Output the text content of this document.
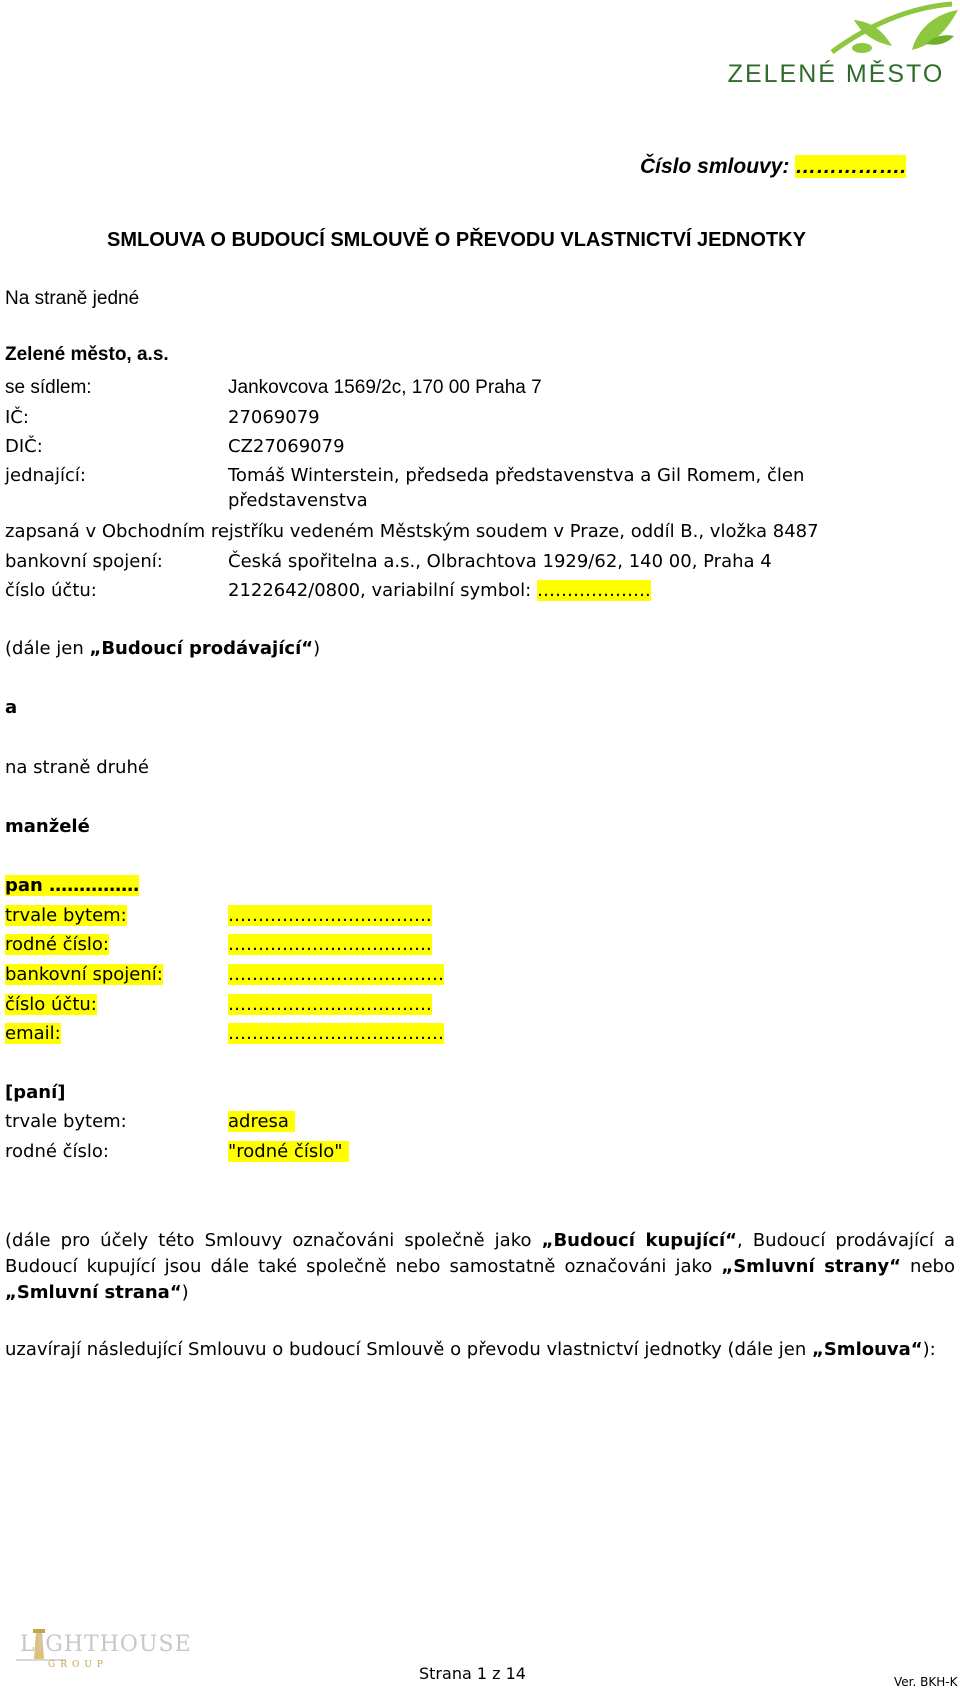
ZELENÉ MĚSTO
Číslo smlouvy: …………….
SMLOUVA O BUDOUCÍ SMLOUVĚ O PŘEVODU VLASTNICTVÍ JEDNOTKY
Na straně jedné
Zelené město, a.s.
se sídlem:	Jankovcova 1569/2c, 170 00 Praha 7
IČ:	27069079
DIČ:	CZ27069079
jednající:	Tomáš Winterstein, předseda představenstva a Gil Romem, člen
představenstva
zapsaná v Obchodním rejstříku vedeném Městským soudem v Praze, oddíl B., vložka 8487
bankovní spojení:	Česká spořitelna a.s., Olbrachtova 1929/62, 140 00, Praha 4
číslo účtu:	2122642/0800, variabilní symbol: ……………….
(dále jen „Budoucí prodávající“)
a
na straně druhé
manželé
pan ……………
trvale bytem:	…………………………….
rodné číslo:	…………………………….
bankovní spojení:	………………………………
číslo účtu:	…………………………….
email:	………………………………
[paní]
trvale bytem:	adresa
rodné číslo:	"rodné číslo"
(dále pro účely této Smlouvy označováni společně jako „Budoucí kupující“, Budoucí prodávající a Budoucí kupující jsou dále také společně nebo samostatně označováni jako „Smluvní strany“ nebo „Smluvní strana“)
uzavírají následující Smlouvu o budoucí Smlouvě o převodu vlastnictví jednotky (dále jen „Smlouva“):
LIGHTHOUSE
GROUP	Strana 1 z 14	Ver. BKH-K
